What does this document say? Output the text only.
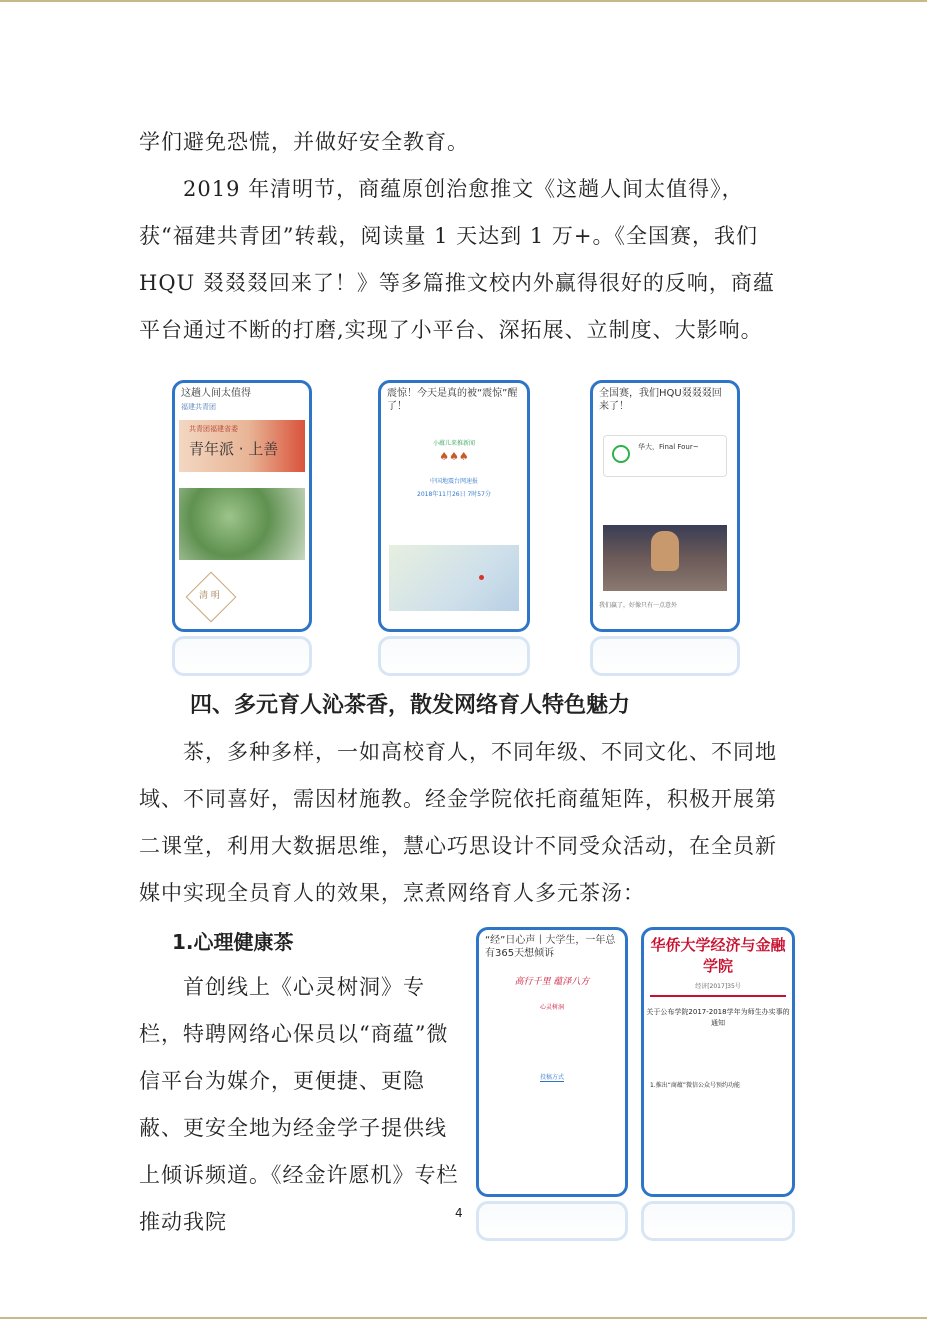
学们避免恐慌，并做好安全教育。

2019 年清明节，商蕴原创治愈推文《这趟人间太值得》，获“福建共青团”转载，阅读量 1 天达到 1 万+。《全国赛，我们 HQU 叕叕叕回来了！》等多篇推文校内外赢得很好的反响，商蕴平台通过不断的打磨,实现了小平台、深拓展、立制度、大影响。

这趟人间太值得
福建共青团
共青团福建省委
青年派 · 上善
清 明
震惊！今天是真的被“震惊”醒了！
小蕴儿来推新闻
♠♠♠
中国地震台网速报
2018年11月26日 7时57分
全国赛，我们HQU叕叕叕回来了！
华大，Final Four~
我们赢了，好像只有一点意外
四、多元育人沁茶香，散发网络育人特色魅力

茶，多种多样，一如高校育人，不同年级、不同文化、不同地域、不同喜好，需因材施教。经金学院依托商蕴矩阵，积极开展第二课堂，利用大数据思维，慧心巧思设计不同受众活动，在全员新媒中实现全员育人的效果，烹煮网络育人多元茶汤：

1.心理健康茶

首创线上《心灵树洞》专栏，特聘网络心保员以“商蕴”微信平台为媒介，更便捷、更隐蔽、更安全地为经金学子提供线上倾诉频道。《经金许愿机》专栏推动我院

“经”日心声丨大学生，一年总有365天想倾诉
高行千里 蕴泽八方
心灵树洞
投稿方式
华侨大学经济与金融学院
经济[2017]35号
关于公布学院2017-2018学年为师生办实事的通知
1.推出“商蕴”微信公众号预约功能
4
